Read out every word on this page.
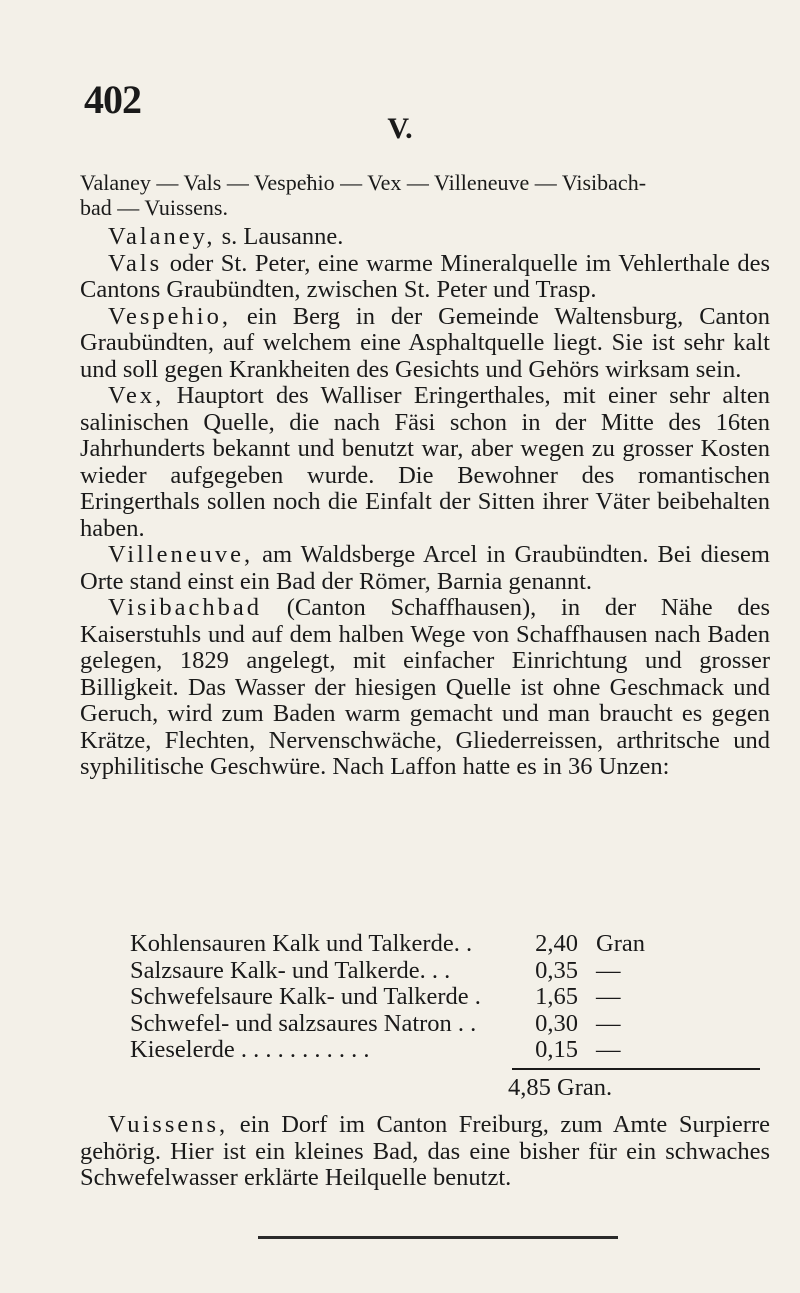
402
V.
Valaney — Vals — Vespeħio — Vex — Villeneuve — Visibach-
bad — Vuissens.

Valaney, s. Lausanne.

Vals oder St. Peter, eine warme Mineralquelle im Vehlerthale des Cantons Graubündten, zwischen St. Peter und Trasp.

Vespehio, ein Berg in der Gemeinde Waltensburg, Canton Graubündten, auf welchem eine Asphaltquelle liegt. Sie ist sehr kalt und soll gegen Krankheiten des Gesichts und Gehörs wirksam sein.

Vex, Hauptort des Walliser Eringerthales, mit einer sehr alten salinischen Quelle, die nach Fäsi schon in der Mitte des 16ten Jahrhunderts bekannt und benutzt war, aber wegen zu grosser Kosten wieder aufgegeben wurde. Die Bewohner des romantischen Eringerthals sollen noch die Einfalt der Sitten ihrer Väter beibehalten haben.

Villeneuve, am Waldsberge Arcel in Graubündten. Bei diesem Orte stand einst ein Bad der Römer, Barnia genannt.

Visibachbad (Canton Schaffhausen), in der Nähe des Kaiserstuhls und auf dem halben Wege von Schaffhausen nach Baden gelegen, 1829 angelegt, mit einfacher Einrichtung und grosser Billigkeit. Das Wasser der hiesigen Quelle ist ohne Geschmack und Geruch, wird zum Baden warm gemacht und man braucht es gegen Krätze, Flechten, Nervenschwäche, Gliederreissen, arthritsche und syphilitische Geschwüre. Nach Laffon hatte es in 36 Unzen:

Kohlensauren Kalk und Talkerde. .	2,40 Gran
Salzsaure Kalk- und Talkerde. . .	0,35 —
Schwefelsaure Kalk- und Talkerde .	1,65 —
Schwefel- und salzsaures Natron . .	0,30 —
Kieselerde . . . . . . . . . . .	0,15 —
4,85 Gran.

Vuissens, ein Dorf im Canton Freiburg, zum Amte Surpierre gehörig. Hier ist ein kleines Bad, das eine bisher für ein schwaches Schwefelwasser erklärte Heilquelle benutzt.
